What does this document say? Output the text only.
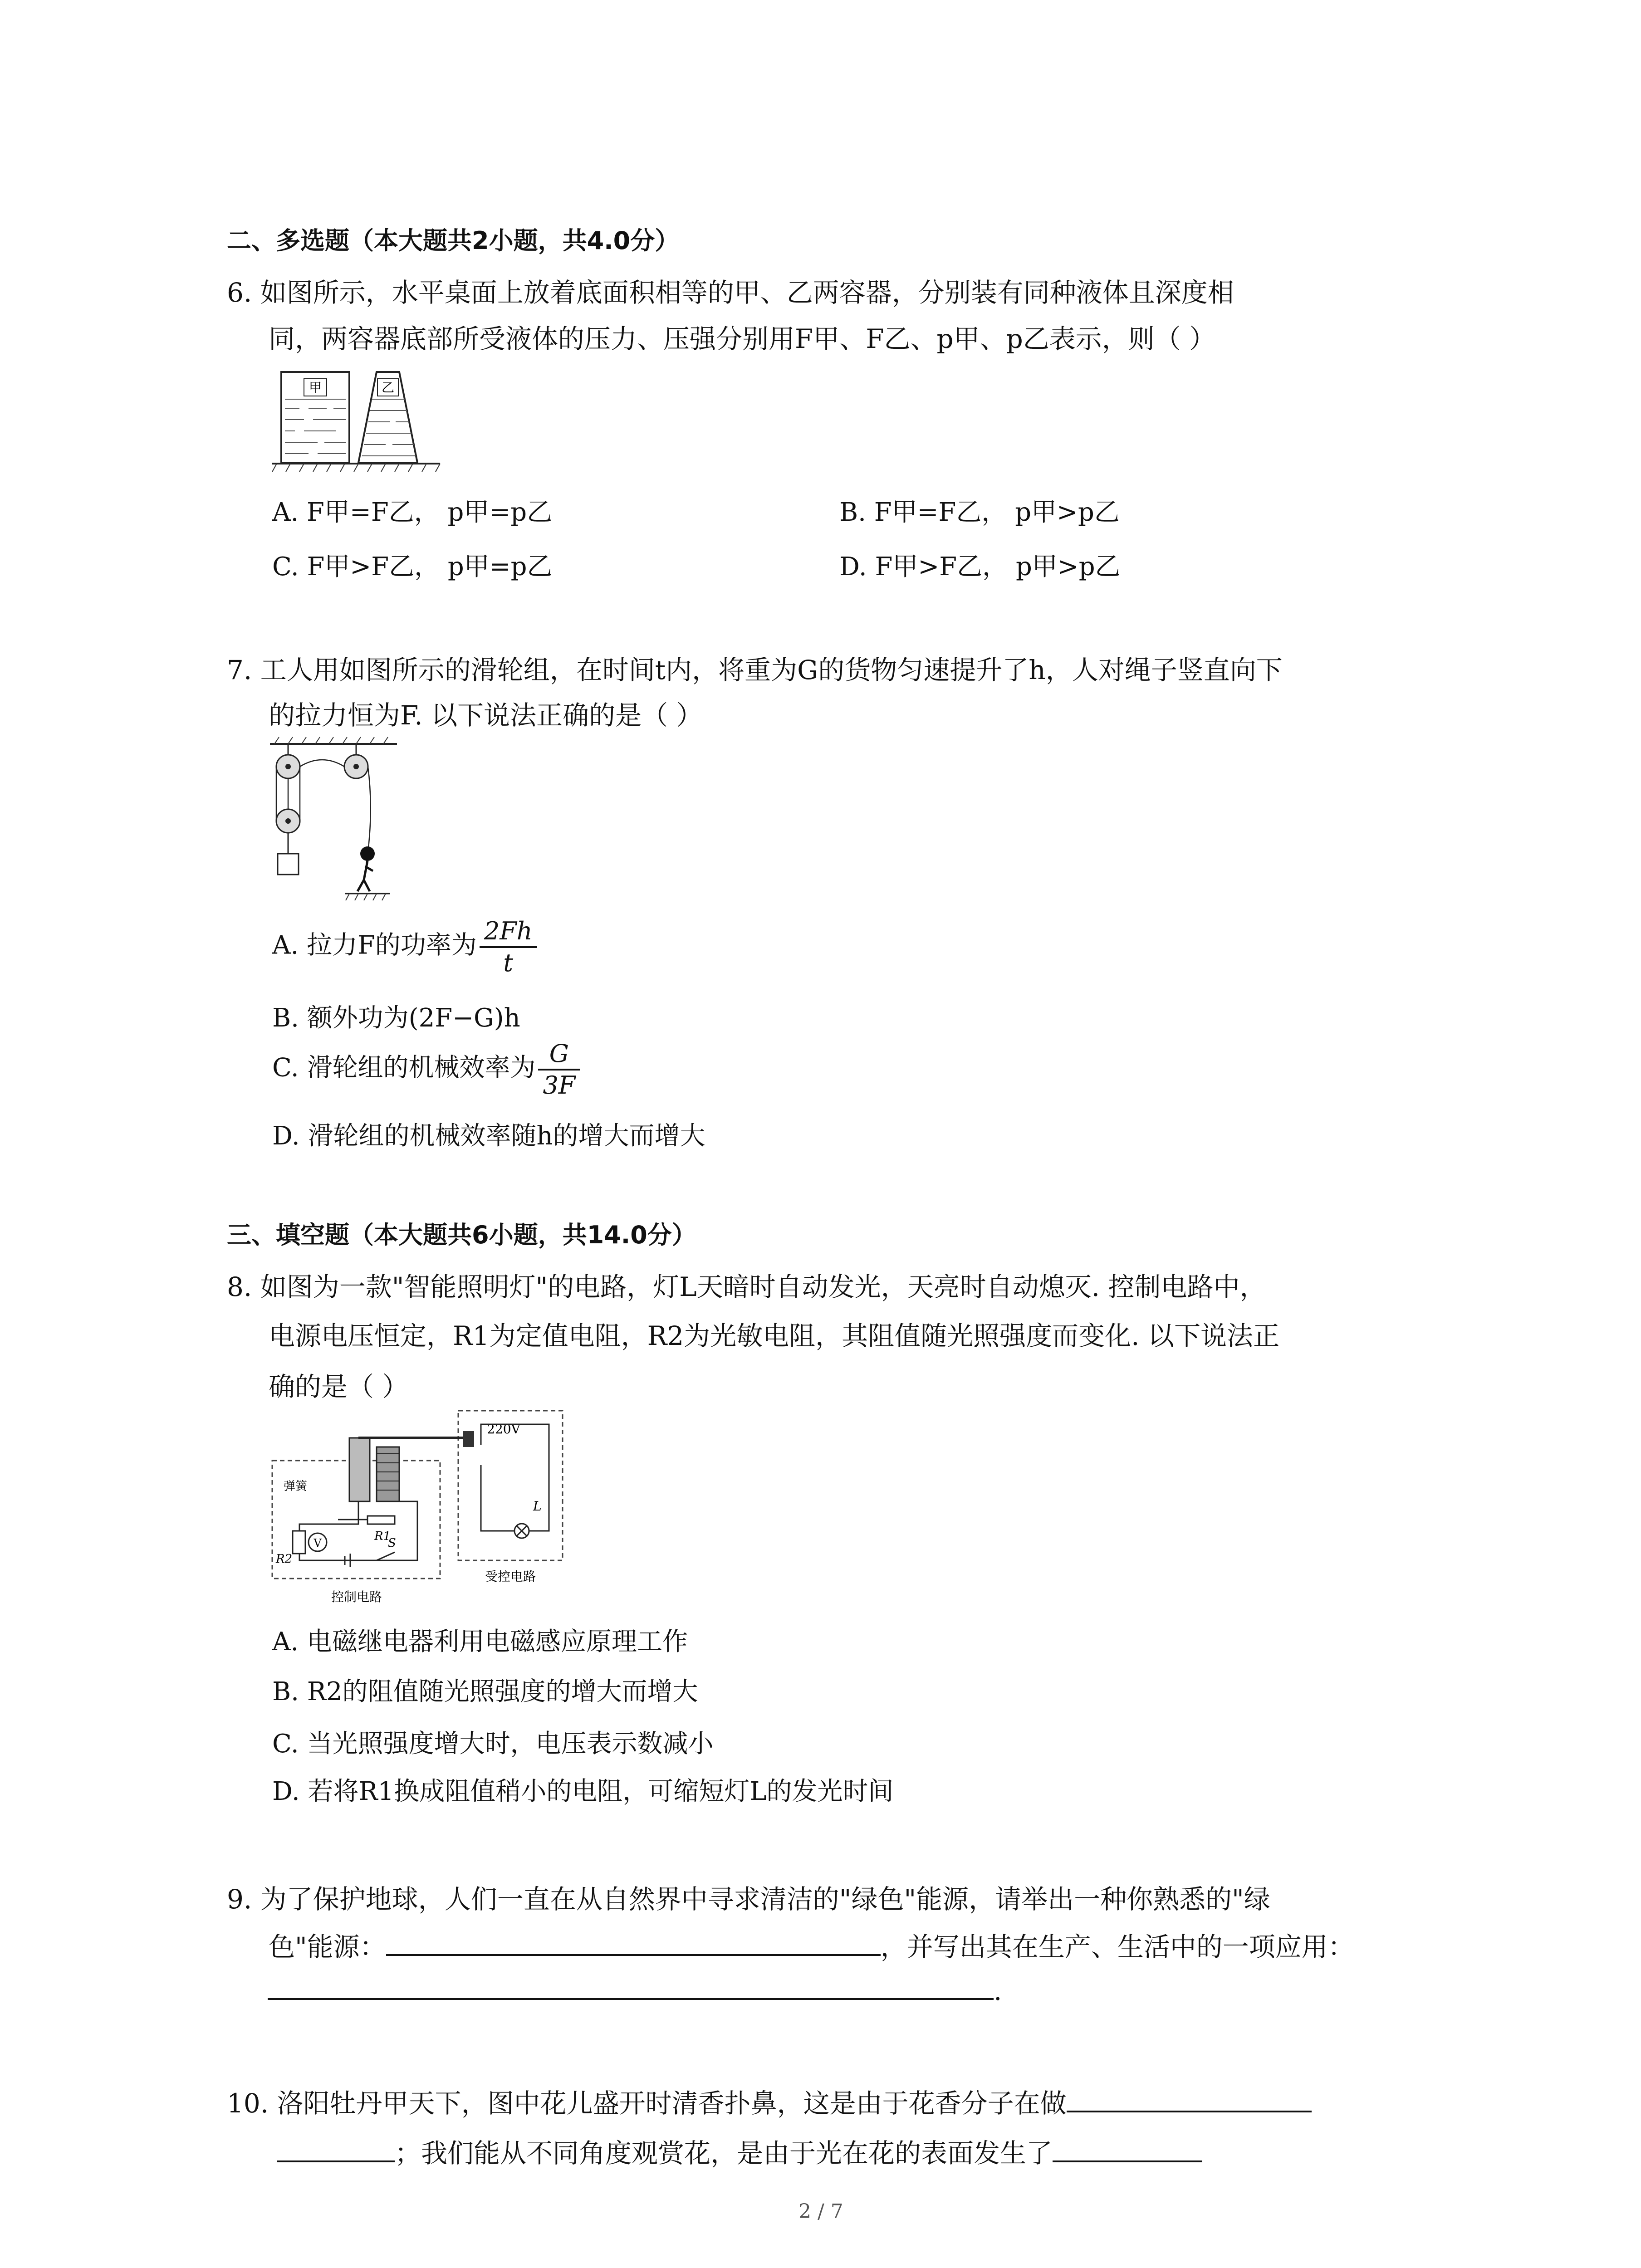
二、多选题（本大题共2小题，共4.0分）
6. 如图所示，水平桌面上放着底面积相等的甲、乙两容器，分别装有同种液体且深度相
同，两容器底部所受液体的压力、压强分别用F甲、F乙、p甲、p乙表示，则（ ）
甲	乙
A. F甲=F乙， p甲=p乙	B. F甲=F乙， p甲>p乙
C. F甲>F乙， p甲=p乙	D. F甲>F乙， p甲>p乙
7. 工人用如图所示的滑轮组，在时间t内，将重为G的货物匀速提升了h，人对绳子竖直向下
的拉力恒为F. 以下说法正确的是（ ）
A. 拉力F的功率为 $\frac{2Fh}{t}$
B. 额外功为(2F−G)h
C. 滑轮组的机械效率为 $\frac{G}{3F}$
D. 滑轮组的机械效率随h的增大而增大
三、填空题（本大题共6小题，共14.0分）
8. 如图为一款"智能照明灯"的电路，灯L天暗时自动发光，天亮时自动熄灭. 控制电路中，
电源电压恒定，R1为定值电阻，R2为光敏电阻，其阻值随光照强度而变化. 以下说法正
确的是（ ）
220V
L
受控电路
弹簧
R1
V
R2
S
控制电路
A. 电磁继电器利用电磁感应原理工作
B. R2的阻值随光照强度的增大而增大
C. 当光照强度增大时，电压表示数减小
D. 若将R1换成阻值稍小的电阻，可缩短灯L的发光时间
9. 为了保护地球，人们一直在从自然界中寻求清洁的"绿色"能源，请举出一种你熟悉的"绿
色"能源：	，并写出其在生产、生活中的一项应用：
.
10. 洛阳牡丹甲天下，图中花儿盛开时清香扑鼻，这是由于花香分子在做
；我们能从不同角度观赏花，是由于光在花的表面发生了
2 / 7
